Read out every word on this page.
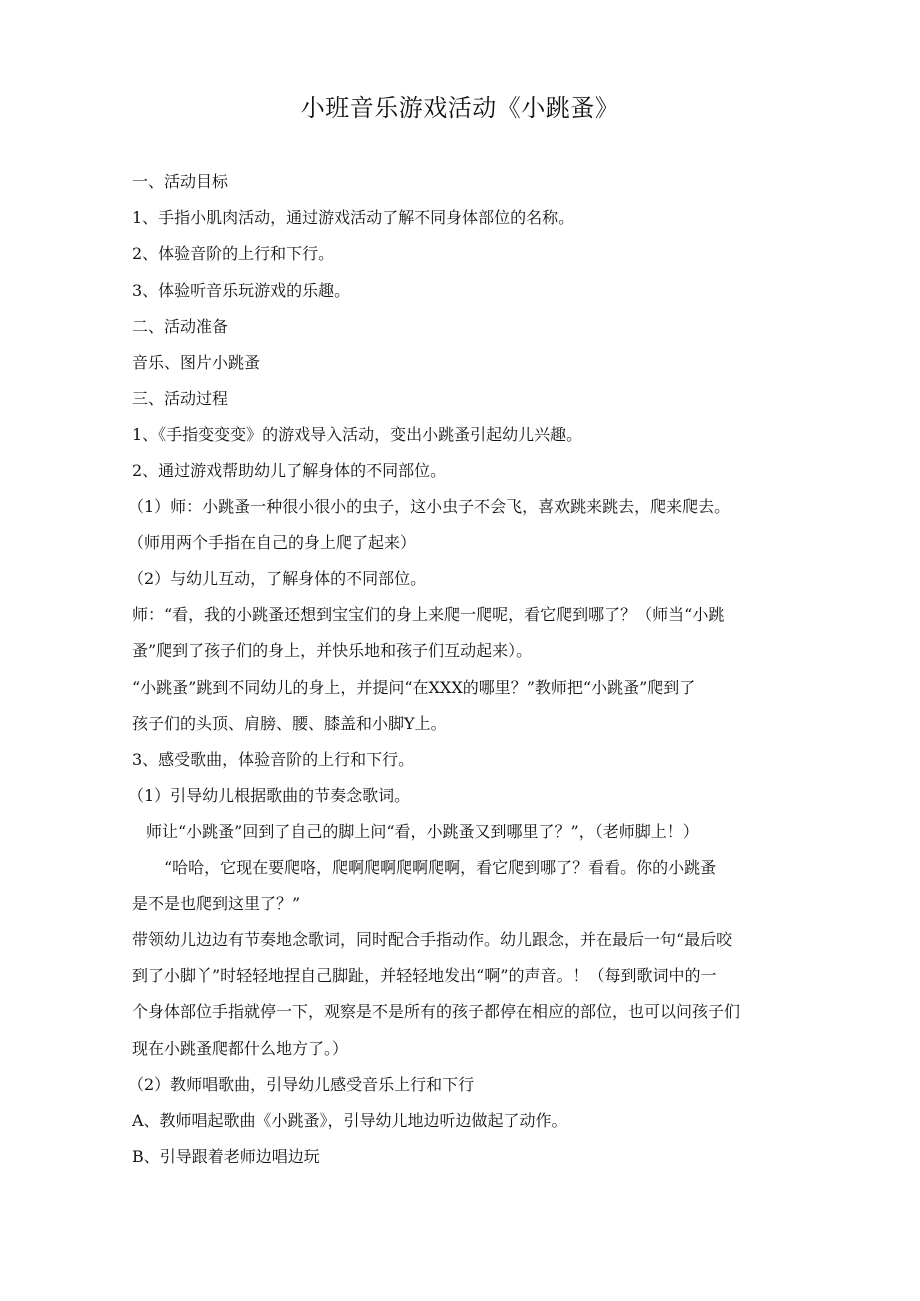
小班音乐游戏活动《小跳蚤》
一、活动目标
1、手指小肌肉活动，通过游戏活动了解不同身体部位的名称。
2、体验音阶的上行和下行。
3、体验听音乐玩游戏的乐趣。
二、活动准备
音乐、图片小跳蚤
三、活动过程
1、《手指变变变》的游戏导入活动，变出小跳蚤引起幼儿兴趣。
2、通过游戏帮助幼儿了解身体的不同部位。
（1）师：小跳蚤一种很小很小的虫子，这小虫子不会飞，喜欢跳来跳去，爬来爬去。
（师用两个手指在自己的身上爬了起来）
（2）与幼儿互动，了解身体的不同部位。
师：“看，我的小跳蚤还想到宝宝们的身上来爬一爬呢，看它爬到哪了？（师当“小跳
蚤”爬到了孩子们的身上，并快乐地和孩子们互动起来）。
“小跳蚤”跳到不同幼儿的身上，并提问“在XXX的哪里？”教师把“小跳蚤”爬到了
孩子们的头顶、肩膀、腰、膝盖和小脚Y上。
3、感受歌曲，体验音阶的上行和下行。
（1）引导幼儿根据歌曲的节奏念歌词。
师让“小跳蚤”回到了自己的脚上问“看，小跳蚤又到哪里了？”，（老师脚上！）
“哈哈，它现在要爬咯，爬啊爬啊爬啊爬啊，看它爬到哪了？看看。你的小跳蚤
是不是也爬到这里了？”
带领幼儿边边有节奏地念歌词，同时配合手指动作。幼儿跟念，并在最后一句“最后咬
到了小脚丫”时轻轻地捏自己脚趾，并轻轻地发出“啊”的声音。！（每到歌词中的一
个身体部位手指就停一下，观察是不是所有的孩子都停在相应的部位，也可以问孩子们
现在小跳蚤爬都什么地方了。）
（2）教师唱歌曲，引导幼儿感受音乐上行和下行
A、教师唱起歌曲《小跳蚤》，引导幼儿地边听边做起了动作。
B、引导跟着老师边唱边玩
